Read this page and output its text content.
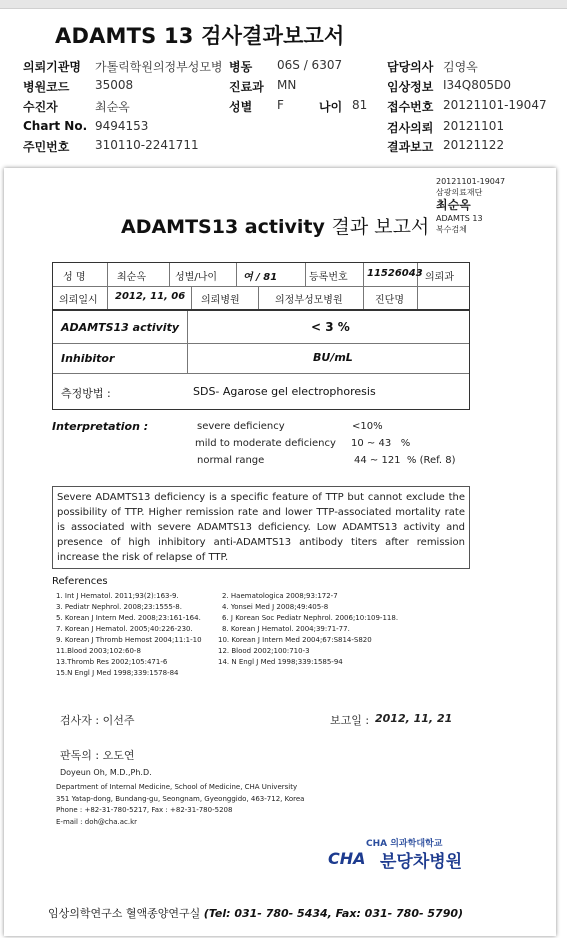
ADAMTS 13 검사결과보고서
의뢰기관명 가톨릭학원의정부성모병 병동 06S / 6307	담당의사 김영옥
병원코드 35008	진료과 MN	임상정보 I34Q805D0
수진자	최순옥	성별 F	나이 81 접수번호 20121101-19047
Chart No. 9494153	검사의뢰 20121101
주민번호 310110-2241711	결과보고 20121122
20121101-19047
삼광의료재단
최순옥
ADAMTS 13
복수검체
ADAMTS13 activity 결과 보고서
성 명	최순옥	성별/나이	여 / 81	등록번호 11526043 의뢰과
의뢰일시 2012, 11, 06 의뢰병원	의정부성모병원	진단명
ADAMTS13 activity	< 3 %
Inhibitor	BU/mL
측정방법 :	SDS- Agarose gel electrophoresis
Interpretation :	severe deficiency	<10%
mild to moderate deficiency 10 ~ 43   %
normal range	44 ~ 121  % (Ref. 8)
Severe ADAMTS13 deficiency is a specific feature of TTP but cannot exclude the possibility of TTP. Higher remission rate and lower TTP-associated mortality rate is associated with severe ADAMTS13 deficiency. Low ADAMTS13 activity and presence of high inhibitory anti-ADAMTS13 antibody titers after remission increase the risk of relapse of TTP.
References
1. Int J Hematol. 2011;93(2):163-9.	2. Haematologica 2008;93:172-7
3. Pediatr Nephrol. 2008;23:1555-8.	4. Yonsei Med J 2008;49:405-8
5. Korean J Intern Med. 2008;23:161-164.	6. J Korean Soc Pediatr Nephrol. 2006;10:109-118.
7. Korean J Hematol. 2005;40:226-230.	8. Korean J Hematol. 2004;39:71-77.
9. Korean J Thromb Hemost 2004;11:1-10 10. Korean J Intern Med 2004;67:S814-S820
11.Blood 2003;102:60-8	12. Blood 2002;100:710-3
13.Thromb Res 2002;105:471-6	14. N Engl J Med 1998;339:1585-94
15.N Engl J Med 1998;339:1578-84
검사자 : 이선주	보고일 : 2012, 11, 21
판독의 : 오도연
Doyeun Oh, M.D.,Ph.D.
Department of Internal Medicine, School of Medicine, CHA University
351 Yatap-dong, Bundang-gu, Seongnam, Gyeonggido, 463-712, Korea
Phone : +82-31-780-5217, Fax : +82-31-780-5208
E-mail : doh@cha.ac.kr
CHA 의과학대학교
CHA 분당차병원
임상의학연구소 혈액종양연구실 (Tel: 031- 780- 5434, Fax: 031- 780- 5790)
